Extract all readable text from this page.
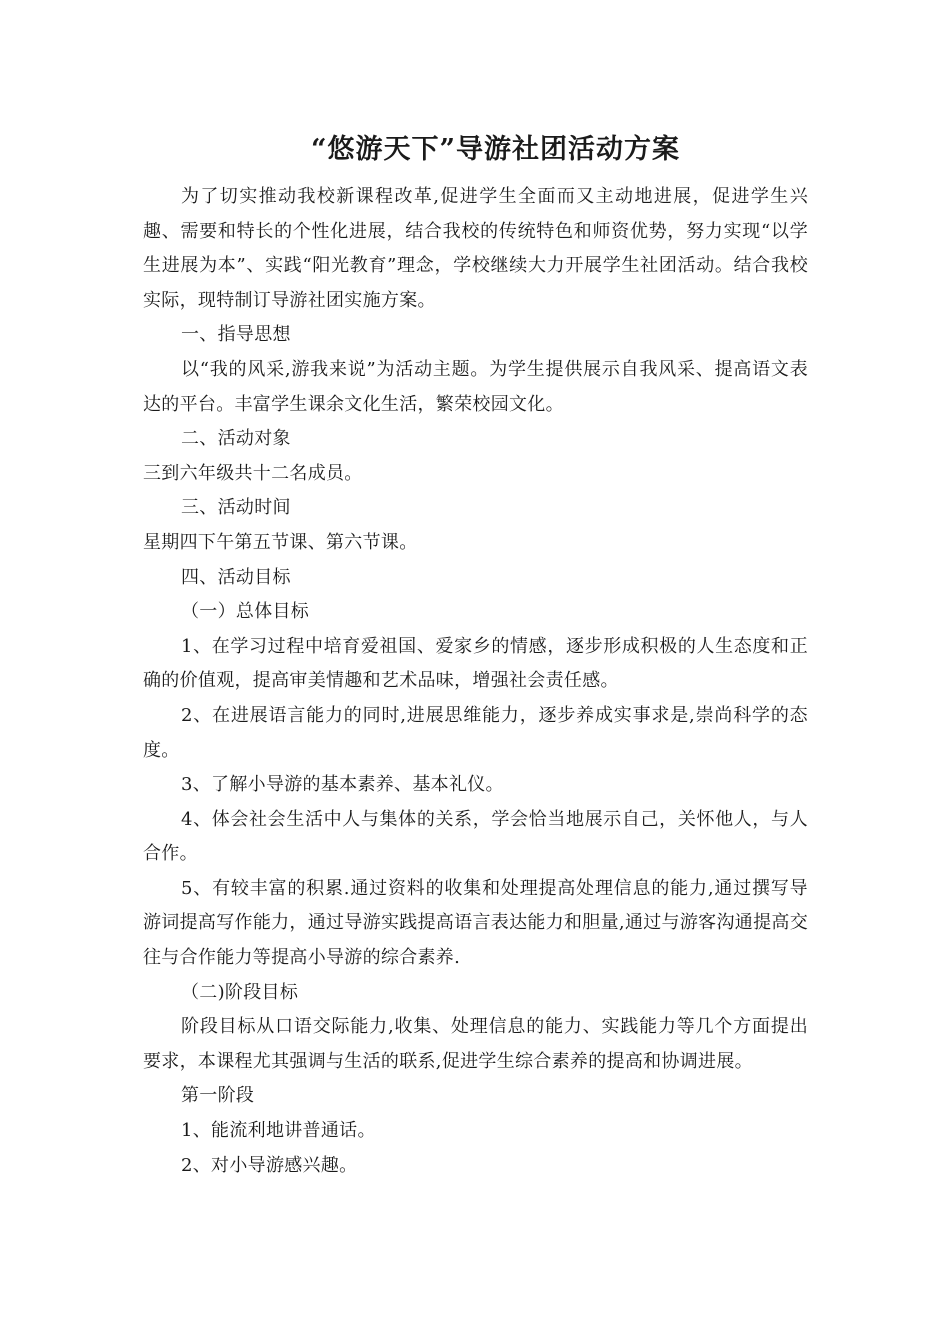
“悠游天下”导游社团活动方案

为了切实推动我校新课程改革,促进学生全面而又主动地进展，促进学生兴趣、需要和特长的个性化进展，结合我校的传统特色和师资优势，努力实现“以学生进展为本”、实践“阳光教育”理念，学校继续大力开展学生社团活动。结合我校实际，现特制订导游社团实施方案。

一、指导思想

以“我的风采,游我来说”为活动主题。为学生提供展示自我风采、提高语文表达的平台。丰富学生课余文化生活，繁荣校园文化。

二、活动对象

三到六年级共十二名成员。

三、活动时间

星期四下午第五节课、第六节课。

四、活动目标

（一）总体目标

1、在学习过程中培育爱祖国、爱家乡的情感，逐步形成积极的人生态度和正确的价值观，提高审美情趣和艺术品味，增强社会责任感。

2、在进展语言能力的同时,进展思维能力，逐步养成实事求是,崇尚科学的态度。

3、了解小导游的基本素养、基本礼仪。

4、体会社会生活中人与集体的关系，学会恰当地展示自己，关怀他人，与人合作。

5、有较丰富的积累.通过资料的收集和处理提高处理信息的能力,通过撰写导游词提高写作能力，通过导游实践提高语言表达能力和胆量,通过与游客沟通提高交往与合作能力等提高小导游的综合素养.

（二)阶段目标

阶段目标从口语交际能力,收集、处理信息的能力、实践能力等几个方面提出要求，本课程尤其强调与生活的联系,促进学生综合素养的提高和协调进展。

第一阶段

1、能流利地讲普通话。

2、对小导游感兴趣。
